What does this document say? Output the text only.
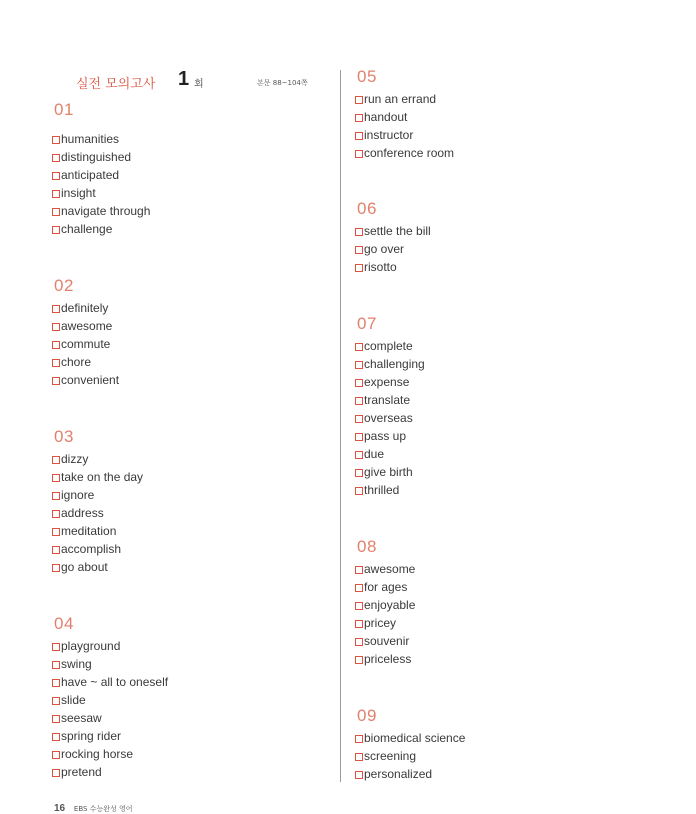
실전 모의고사 1 회	본문 88~104쪽
01
humanities
distinguished
anticipated
insight
navigate through
challenge
02
definitely
awesome
commute
chore
convenient
03
dizzy
take on the day
ignore
address
meditation
accomplish
go about
04
playground
swing
have ~ all to oneself
slide
seesaw
spring rider
rocking horse
pretend
05
run an errand
handout
instructor
conference room
06
settle the bill
go over
risotto
07
complete
challenging
expense
translate
overseas
pass up
due
give birth
thrilled
08
awesome
for ages
enjoyable
pricey
souvenir
priceless
09
biomedical science
screening
personalized
16 EBS 수능완성 영어
